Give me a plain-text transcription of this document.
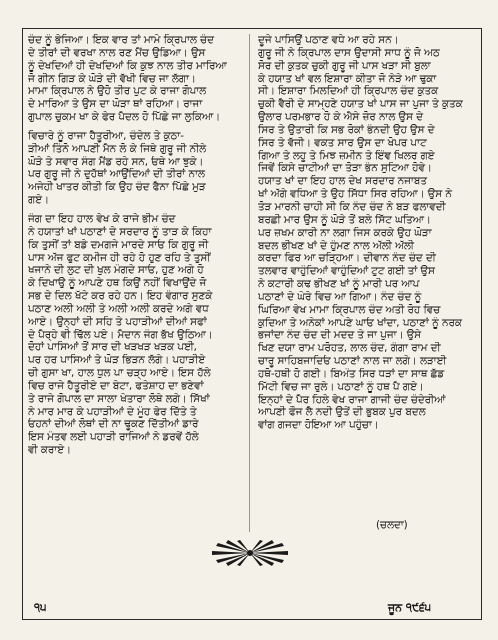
ਚੰਦ ਨੂੰ ਭੇਜਿਆ। ਇਕ ਵਾਰ ਤਾਂ ਮਾਮੇ ਕ੍ਰਿਪਾਲ ਚੰਦ
ਦੇ ਤੀਰਾਂ ਦੀ ਵਰਖਾ ਨਾਲ ਰਣ ਮੈਂਚ ਉਡਿਆ। ਉਸ
ਨੂੰ ਦੇਖਦਿਆਂ ਹੀ ਦੇਖਦਿਆਂ ਕਿ ਕੁਝ ਨਾਲ ਤੀਰ ਮਾਰਿਆ
ਜੋ ਗੀਨ ਗਿੜ ਕੇ ਘੋੜੇ ਦੀ ਵੱਖੀ ਵਿਚ ਜਾ ਲੱਗਾ।
ਮਾਮਾ ਕ੍ਰਿਪਾਲ ਨੇ ਉਹੋ ਤੀਰ ਪੁਟ ਕੇ ਰਾਜਾ ਗੋਪਾਲ
ਦੇ ਮਾਰਿਆ ਤੇ ਉਸ ਦਾ ਘੋੜਾ ਥਾਂ ਰਹਿਆ। ਰਾਜਾ
ਗੁਪਾਲ ਚੁਕਮ ਖਾ ਕੇ ਫੇਰ ਪੈਦਲ ਹੋ ਪਿੱਛੇ ਜਾ ਲੁਕਿਆ।

ਵਿਚਾਰੇ ਨੂੰ ਰਾਜਾ ਹੈਤੂਰੀਆ, ਚੰਦੇਲ ਤੇ ਕੁਠਾ-
ੜੀਆਂ ਤਿੰਨੋ ਆਪਣੀ ਮੈਨ ਲੋ ਕੇ ਜਿਥੇ ਗੁਰੂ ਜੀ ਨੀਲੇ
ਘੋੜੇ ਤੇ ਸਵਾਰ ਸੰਗ ਮੈਂਡ ਰਹੇ ਸਨ, ਓਥੇ ਆ ਝੁਕੇ।
ਪਰ ਗੁਰੂ ਜੀ ਨੇ ਦੁਹੱਥਾਂ ਆਉਂਦਿਆਂ ਦੀ ਤੀਰਾਂ ਨਾਲ
ਅਜੇਹੀ ਖਾਤਰ ਕੀਤੀ ਕਿ ਉਹ ਚੰਦ ਫੈਨਾ ਪਿੱਛੇ ਮੁੜ
ਗਏ।

ਜੰਗ ਦਾ ਇਹ ਹਾਲ ਵੇਖ ਕੇ ਰਾਜੇ ਭੀਮ ਚੰਦ
ਨੇ ਹਯਾਤਾਂ ਖਾਂ ਪਠਾਣਾਂ ਦੇ ਸਰਦਾਰ ਨੂੰ ਤਾੜ ਕੇ ਕਿਹਾ
ਕਿ ਤੁਸੀਂ ਤਾਂ ਬਡੇ ਦਮਗਜੇ ਮਾਰਦੇ ਸਾਓ ਕਿ ਗੁਰੂ ਜੀ
ਪਾਸ ਅੱਜ ਫੁਟ ਕਮੀਜ ਹੀ ਰਹੇ ਹੋ ਹੁਣ ਰਹਿ ਤੇ ਤੁਸੀਂ
ਖਜਾਨੇ ਦੀ ਲੁਟ ਦੀ ਖੁਲ ਮੰਗਦੇ ਸਾਓ, ਹੁਣ ਅਗੇ ਹੋ
ਕੇ ਦਿਖਾਉ ਨੂੰ ਆਪਣੇ ਹਥ ਕਿਉਂ ਨਹੀਂ ਵਿਖਾਉਂਦੇ ਜੋ
ਸਭ ਦੇ ਦਿਲ ਖੱਟੇ ਕਰ ਰਹੇ ਹਨ। ਇਹ ਵੰਗਾਰ ਸੁਣਕੇ
ਪਠਾਣ ਅਲੀ ਅਲੀ ਤੇ ਅਲੀ ਅਲੀ ਕਰਦੇ ਅਗੇ ਵਧ
ਆਏ। ਉਨ੍ਹਾਂ ਦੀ ਸਹਿ ਤੇ ਪਹਾੜੀਆਂ ਦੀਆਂ ਸਫਾਂ
ਦੇ ਪੈਰ੍ਹੇ ਵੀ ਢਿੱਲ ਪਏ। ਮੈਦਾਨ ਜੰਗ ਭੱਖ ਉਠਿਆ।
ਦੋਹਾਂ ਪਾਸਿਆਂ ਤੋਂ ਸਾਰ ਦੀ ਖੜਖੜ ਖੜਕ ਪਈ,
ਪਰ ਹਰ ਪਾਸਿਆਂ ਤੇ ਘੋੜ ਭਿੜਨ ਲੱਗੇ। ਪਹਾੜੀਏ
ਚੀ ਗੁਸਾ ਖਾ, ਹਾਲ ਧੁਲ ਪਾ ਚੜ੍ਹ ਆਏ। ਇਸ ਹੱਲੇ
ਵਿਚ ਰਾਜੇ ਹੈਤੂਰੀਏ ਦਾ ਬੇਟਾ, ਫਤੇਸ਼ਾਹ ਦਾ ਭਣੇਵਾਂ
ਤੇ ਰਾਜੇ ਗੋਪਾਲ ਦਾ ਸਾਲਾ ਖੇਤਾਰਾ ਲੋਥੇ ਲਗੇ। ਸਿੱਖਾਂ
ਨੇ ਮਾਰ ਮਾਰ ਕੇ ਪਹਾੜੀਆਂ ਦੇ ਮੂੰਹ ਫੇਰ ਦਿੱਤੇ ਤੇ
ਓਹਨਾਂ ਦੀਆਂ ਲੋਥਾਂ ਦੀ ਨਾ ਢੂਕਣ ਦਿੱਤੀਆਂ ਡਾਰੇ
ਇਸ ਮੰਤਵ ਲਈ ਪਹਾੜੀ ਰਾਜਿਆਂ ਨੇ ਡਰਵੇਂ ਹੱਲੇ
ਵੀ ਕਰਾਏ।
ਦੂਜੇ ਪਾਸਿਉਂ ਪਠਾਣ ਵਧੇ ਆ ਰਹੇ ਸਨ।
ਗੁਰੂ ਜੀ ਨੇ ਕ੍ਰਿਪਾਲ ਦਾਸ ਉਦਾਸੀ ਸਾਧ ਨੂੰ ਜੋ ਅਠ
ਸੋਰ ਦੀ ਕੁਤਕ ਚੁਕੀ ਗੁਰੂ ਜੀ ਪਾਸ ਖੜਾ ਸੀ ਬੁਲਾ
ਕੇ ਹਯਾਤ ਖਾਂ ਵਲ ਇਸ਼ਾਰਾ ਕੀਤਾ ਜੋ ਨੇੜੇ ਆ ਢੁਕਾ
ਸੀ। ਇਸ਼ਾਰਾ ਮਿਲਦਿਆਂ ਹੀ ਕ੍ਰਿਪਾਲ ਚੰਦ ਕੁਤਕ
ਚੁਕੀ ਵੈਰੀ ਦੇ ਸਾਮ੍ਹਣੇ ਹਯਾਤ ਖਾਂ ਪਾਸ ਜਾ ਪੁਜਾ ਤੇ ਕੁਤਕ
ਉਲਾਰ ਪਰਮਭਾਰ ਹੋ ਕੇ ਐਸੇ ਜ਼ੋਰ ਨਾਲ ਉਸ ਦੇ
ਸਿਰ ਤੇ ਉਤਾਰੀ ਕਿ ਸਭ ਰੋਕਾਂ ਭੰਨਦੀ ਉਹ ਉਸ ਦੇ
ਸਿਰ ਤੇ ਵੱਜੀ। ਵਕਤ ਸਾਰ ਉਸ ਦਾ ਖੋਪਰ ਪਾਟ
ਗਿਆ ਤੇ ਲਹੂ ਤੇ ਮਿਝ ਜ਼ਮੀਨ ਤੇ ਇੰਞ ਖਿਲਰ ਗਏ
ਜਿਵੇਂ ਕਿਸੇ ਚਾਟੀਆਂ ਦਾ ਤੋੜਾ ਭੰਨ ਸੁਟਿਆ ਹੋਵੇ।
ਹਯਾਤ ਖਾਂ ਦਾ ਇਹ ਹਾਲ ਦੇਖ ਸਰਦਾਰ ਨਜਾਬਤ
ਖਾਂ ਅੱਗੇ ਵਧਿਆ ਤੇ ਉਹ ਸਿੱਧਾ ਸਿਰ ਰਹਿਆ। ਉਸ ਨੇ
ਤੋੜ ਮਾਰਨੀ ਚਾਹੀ ਸੀ ਕਿ ਨੰਦ ਚੰਦ ਨੇ ਬੜ ਫਲਾਵਦੀ
ਬਰਛੀ ਮਾਰ ਉਸ ਨੂੰ ਘੋੜੇ ਤੋਂ ਬਲੇ ਸਿੱਟ ਘਤਿਆ।
ਪਰ ਜ਼ਖਮ ਕਾਰੀ ਨਾ ਲਗਾ ਜਿਸ ਕਰਕੇ ਉਹ ਘੋੜਾ
ਬਦਲ ਭੀਖਣ ਖਾਂ ਦੇ ਹੁੰਮਣ ਨਾਲ ਅੱਲੀ ਅੱਲੀ
ਕਰਦਾ ਫਿਰ ਆ ਚੜ੍ਹਿਆ। ਦੀਵਾਨ ਨੰਦ ਚੰਦ ਦੀ
ਤਲਵਾਰ ਵਾਹੁੰਦਿਆਂ ਵਾਹੁੰਦਿਆਂ ਟੁਟ ਗਈ ਤਾਂ ਉਸ
ਨੇ ਕਟਾਰੀ ਕਢ ਭੀਖਣ ਖਾਂ ਨੂੰ ਮਾਰੀ ਪਰ ਆਪ
ਪਠਾਣਾਂ ਦੇ ਘੇਰੇ ਵਿਚ ਆ ਗਿਆ। ਨੰਦ ਚੰਦ ਨੂੰ
ਘਿਰਿਆ ਵੇਖ ਮਾਮਾ ਕ੍ਰਿਪਾਲ ਚੰਦ ਅਤੀ ਰੋਹ ਵਿਚ
ਕੁਦਿਆ ਤੇ ਅਨੇਕਾਂ ਆਪਣੇ ਘਾਓ ਖਾਂਦਾ, ਪਠਾਣਾਂ ਨੂੰ ਨਰਕ
ਭਜਾਂਦਾ ਨੰਦ ਚੰਦ ਦੀ ਮਦਦ ਤੇ ਜਾ ਪੁਜਾ। ਉਸੇ
ਖਿਣ ਦਯਾ ਰਾਮ ਪਰੋਹਤ, ਲਾਲ ਚੰਦ, ਗੰਗਾ ਰਾਮ ਦੀ
ਚਾਰੂ ਸਾਹਿਬਜਾਦਿਓ ਪਠਾਣਾਂ ਨਾਲ ਜਾ ਲਗੇ। ਲੜਾਈ
ਹਥੋ-ਹਥੀ ਹੋ ਗਈ। ਬਿਅੰਤ ਸਿਰ ਧੜਾਂ ਦਾ ਸਾਥ ਛੱਡ
ਮਿੱਟੀ ਵਿਚ ਜਾ ਰੁਲੇ। ਪਠਾਣਾਂ ਨੂੰ ਹਥ ਪੈ ਗਏ।
ਇਨ੍ਹਾਂ ਦੇ ਪੈਰ ਹਿਲੇ ਵੇਖ ਰਾਜਾ ਗਾਜੀ ਚੰਦ ਚੰਦੇਰੀਆਂ
ਆਪਣੀ ਫੌਜ ਲੈ ਨਦੀ ਉਤੇਂ ਦੀ ਭੁਬਕ ਪੁਰ ਬਦਲ
ਵਾਂਗ ਗਜਦਾ ਹੋਇਆ ਆ ਪਹੁੰਚਾ।
(ਚਲਦਾ)
੧੫	ਜੂਨ ੧੯੬੫
